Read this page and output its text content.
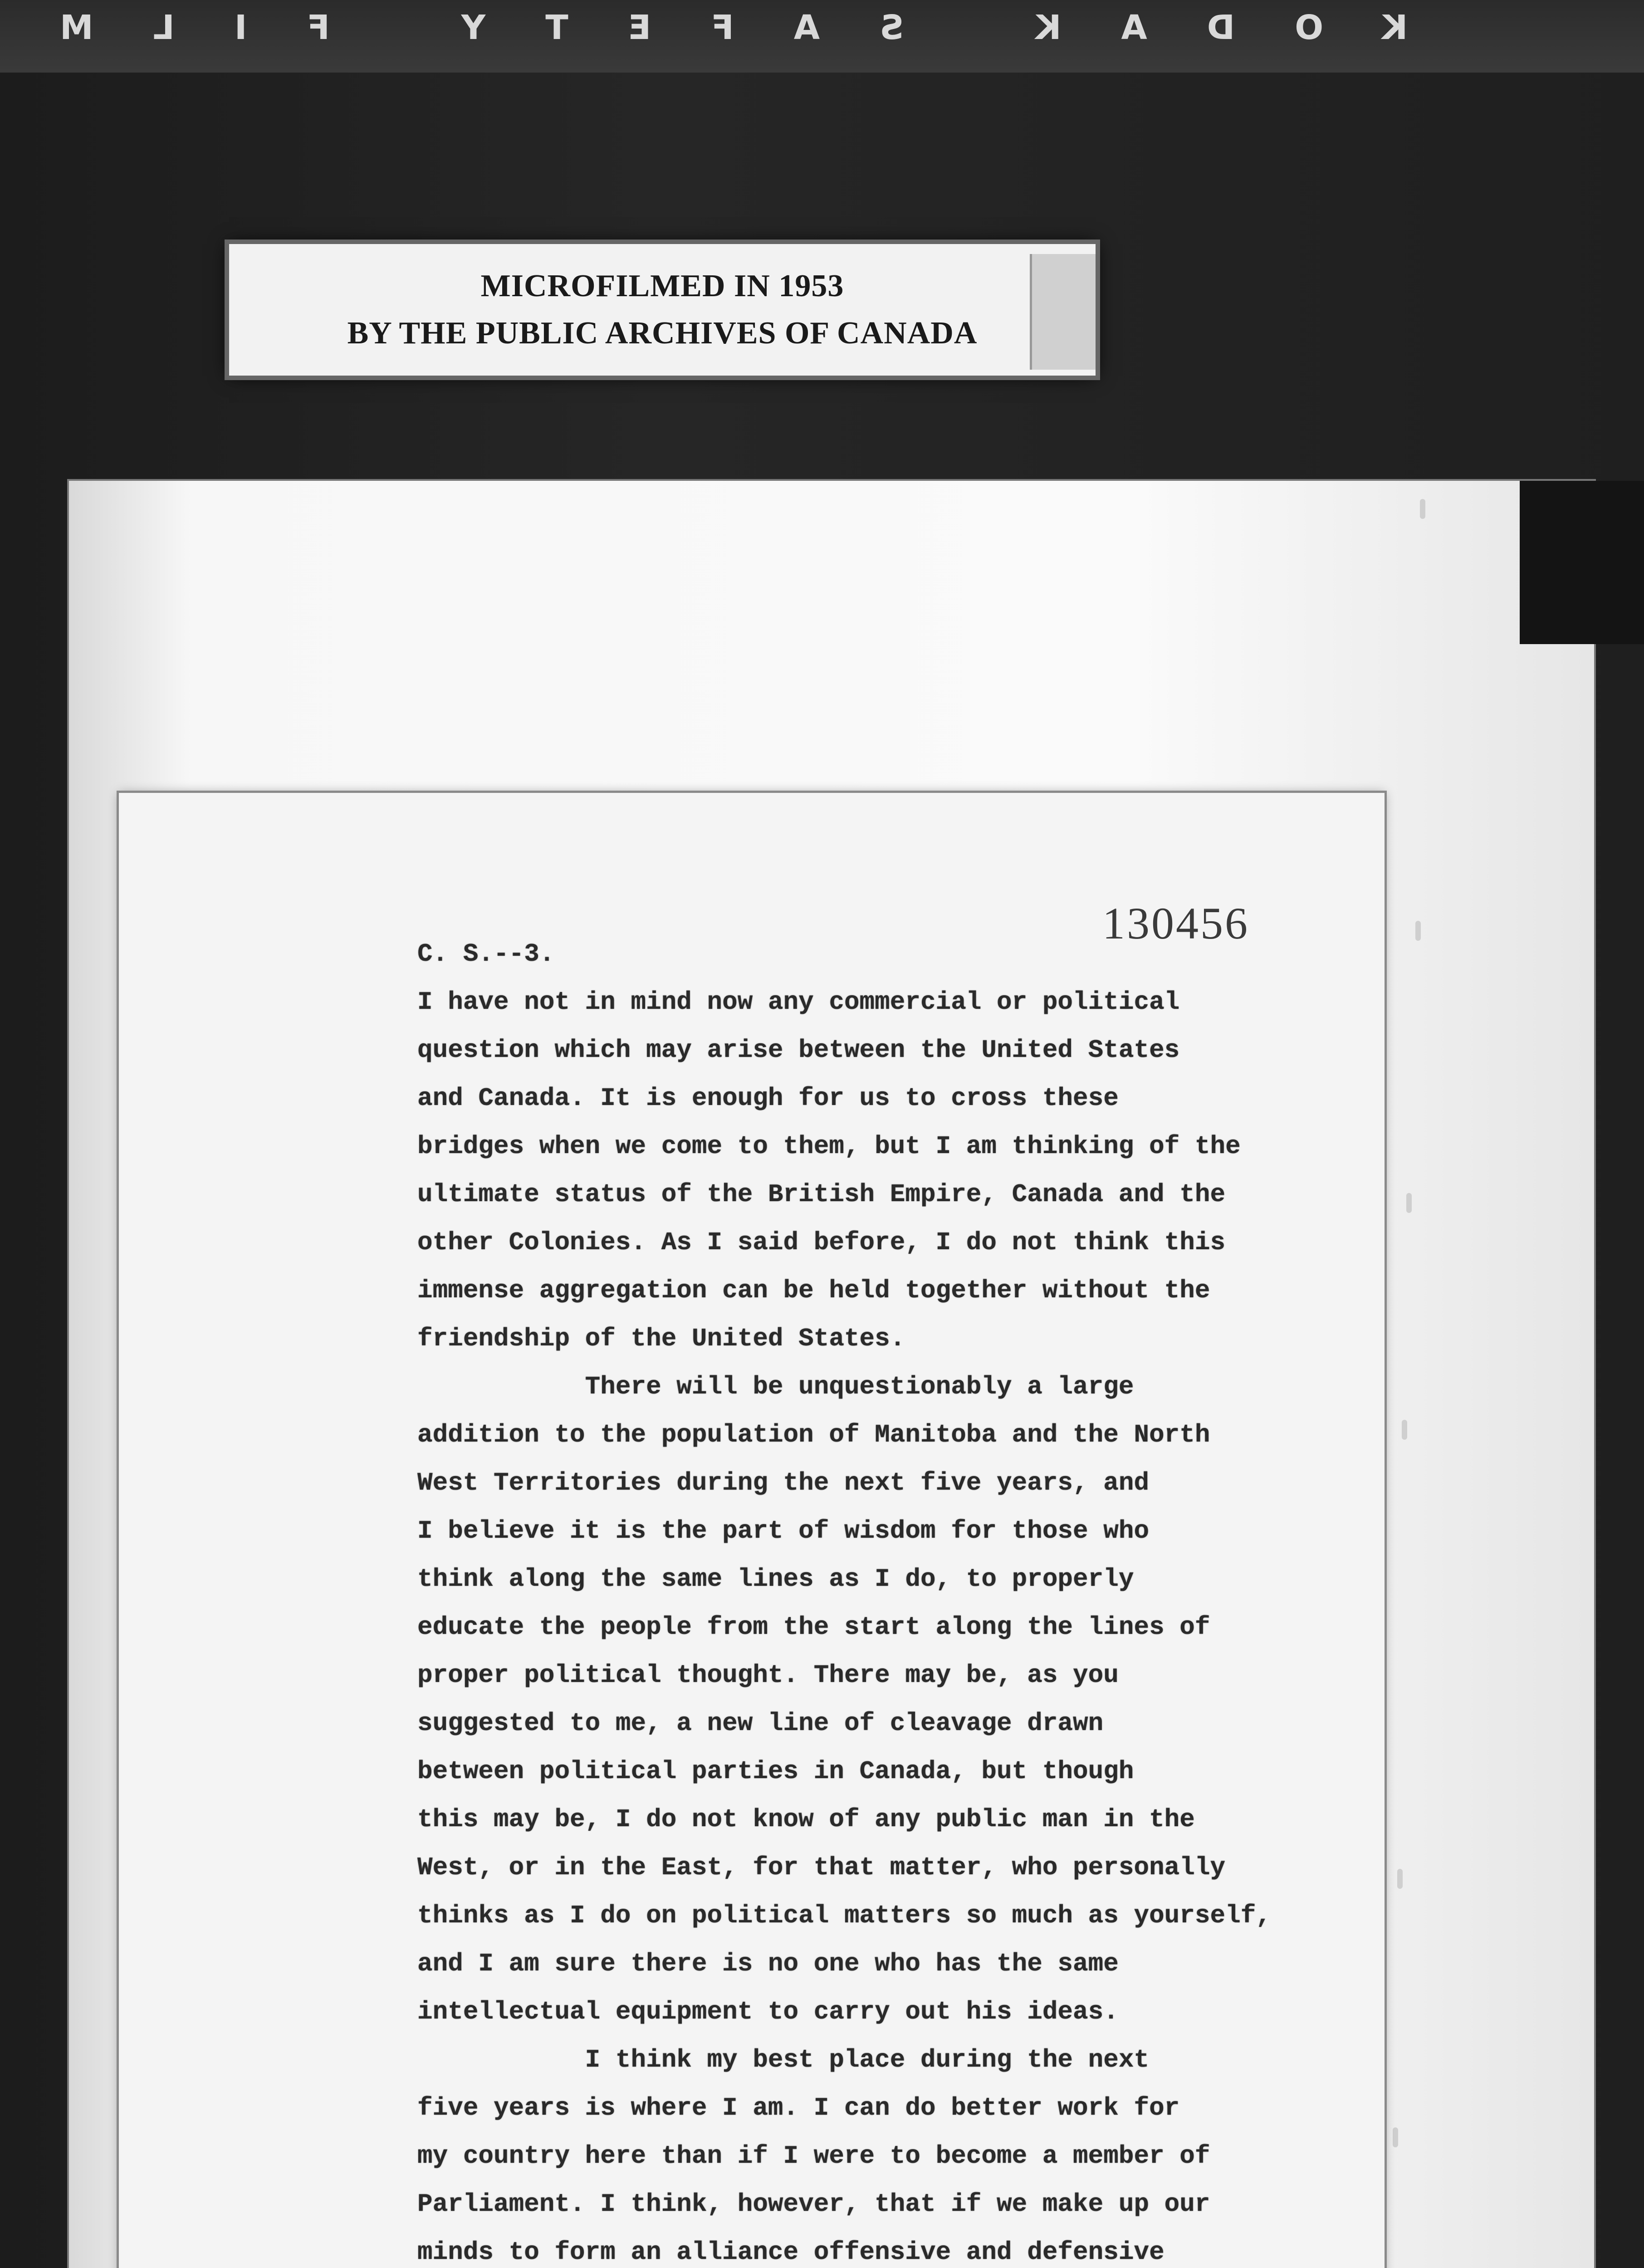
KODAK SAFETY FILM
MICROFILMED IN 1953
BY THE PUBLIC ARCHIVES OF CANADA
130456
C. S.--3.
I have not in mind now any commercial or political
question which may arise between the United States
and Canada. It is enough for us to cross these
bridges when we come to them, but I am thinking of the
ultimate status of the British Empire, Canada and the
other Colonies. As I said before, I do not think this
immense aggregation can be held together without the
friendship of the United States.
There will be unquestionably a large
addition to the population of Manitoba and the North
West Territories during the next five years, and
I believe it is the part of wisdom for those who
think along the same lines as I do, to properly
educate the people from the start along the lines of
proper political thought. There may be, as you
suggested to me, a new line of cleavage drawn
between political parties in Canada, but though
this may be, I do not know of any public man in the
West, or in the East, for that matter, who personally
thinks as I do on political matters so much as yourself,
and I am sure there is no one who has the same
intellectual equipment to carry out his ideas.
I think my best place during the next
five years is where I am. I can do better work for
my country here than if I were to become a member of
Parliament. I think, however, that if we make up our
minds to form an alliance offensive and defensive
